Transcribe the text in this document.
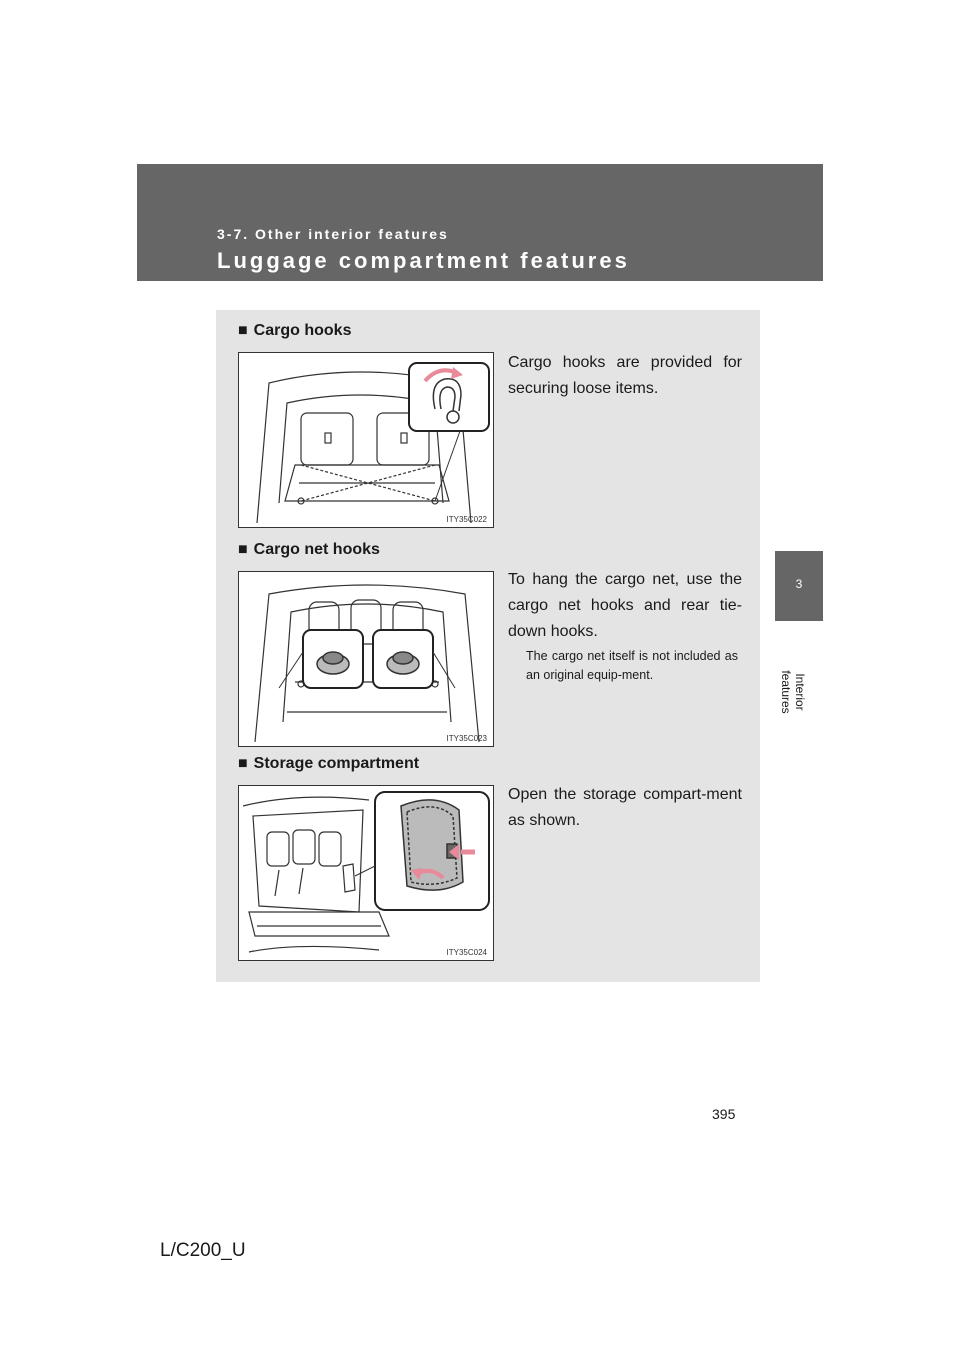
3-7. Other interior features
Luggage compartment features
3
Interior features
■ Cargo hooks
ITY35C022
Cargo hooks are provided for securing loose items.
■ Cargo net hooks
ITY35C023
To hang the cargo net, use the cargo net hooks and rear tie-down hooks.
The cargo net itself is not included as an original equip-ment.
■ Storage compartment
ITY35C024
Open the storage compart-ment as shown.
395
L/C200_U
